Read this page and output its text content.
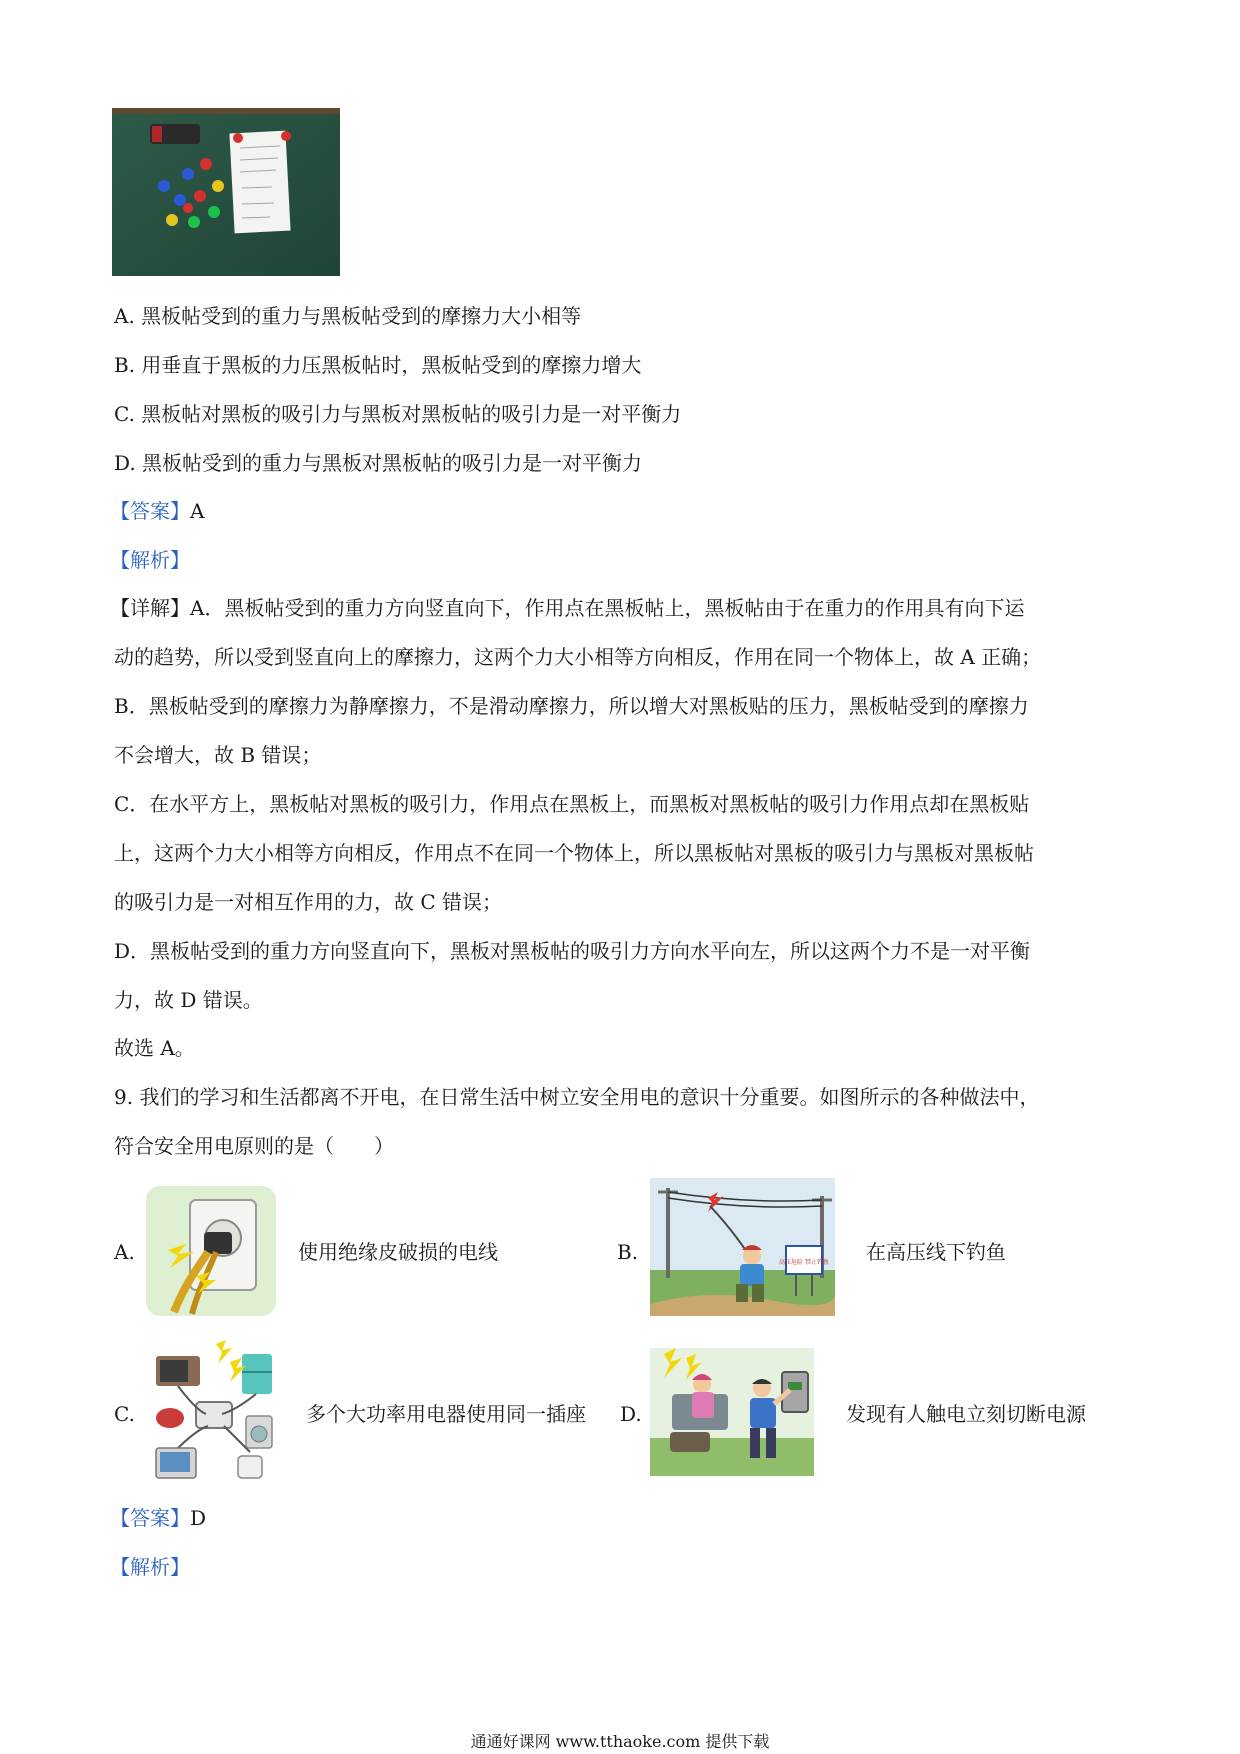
A. 黑板帖受到的重力与黑板帖受到的摩擦力大小相等
B. 用垂直于黑板的力压黑板帖时，黑板帖受到的摩擦力增大
C. 黑板帖对黑板的吸引力与黑板对黑板帖的吸引力是一对平衡力
D. 黑板帖受到的重力与黑板对黑板帖的吸引力是一对平衡力
【答案】A
【解析】
【详解】A．黑板帖受到的重力方向竖直向下，作用点在黑板帖上，黑板帖由于在重力的作用具有向下运
动的趋势，所以受到竖直向上的摩擦力，这两个力大小相等方向相反，作用在同一个物体上，故 A 正确；
B．黑板帖受到的摩擦力为静摩擦力，不是滑动摩擦力，所以增大对黑板贴的压力，黑板帖受到的摩擦力
不会增大，故 B 错误；
C．在水平方上，黑板帖对黑板的吸引力，作用点在黑板上，而黑板对黑板帖的吸引力作用点却在黑板贴
上，这两个力大小相等方向相反，作用点不在同一个物体上，所以黑板帖对黑板的吸引力与黑板对黑板帖
的吸引力是一对相互作用的力，故 C 错误；
D．黑板帖受到的重力方向竖直向下，黑板对黑板帖的吸引力方向水平向左，所以这两个力不是一对平衡
力，故 D 错误。
故选 A。
9. 我们的学习和生活都离不开电，在日常生活中树立安全用电的意识十分重要。如图所示的各种做法中，
符合安全用电原则的是（　　）
A.	使用绝缘皮破损的电线	B.	高压危险 禁止钓鱼 在高压线下钓鱼
C.	多个大功率用电器使用同一插座 D.	发现有人触电立刻切断电源
【答案】D
【解析】
通通好课网 www.tthaoke.com 提供下载
